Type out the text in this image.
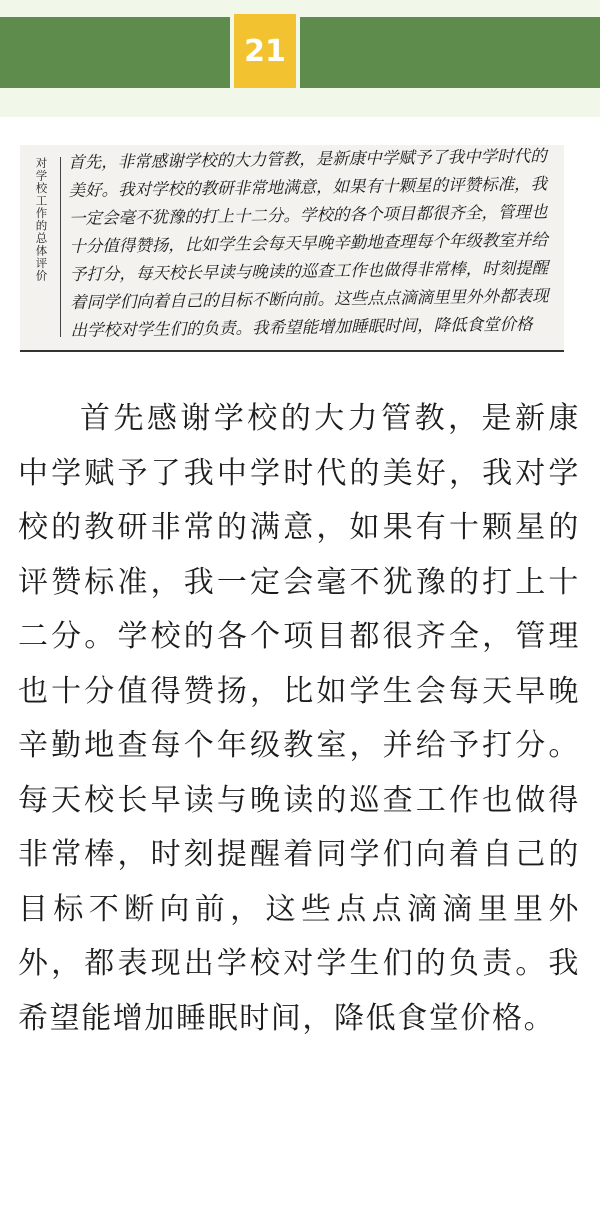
21
对学校工作的总体评价 首先，非常感谢学校的大力管教，是新康中学赋予了我中学时代的美好。我对学校的教研非常地满意，如果有十颗星的评赞标准，我一定会毫不犹豫的打上十二分。学校的各个项目都很齐全，管理也十分值得赞扬，比如学生会每天早晚辛勤地查理每个年级教室并给予打分，每天校长早读与晚读的巡查工作也做得非常棒，时刻提醒着同学们向着自己的目标不断向前。这些点点滴滴里里外外都表现出学校对学生们的负责。我希望能增加睡眠时间，降低食堂价格

首先感谢学校的大力管教，是新康中学赋予了我中学时代的美好，我对学校的教研非常的满意，如果有十颗星的评赞标准，我一定会毫不犹豫的打上十二分。学校的各个项目都很齐全，管理也十分值得赞扬，比如学生会每天早晚辛勤地查每个年级教室，并给予打分。每天校长早读与晚读的巡查工作也做得非常棒，时刻提醒着同学们向着自己的目标不断向前，这些点点滴滴里里外外，都表现出学校对学生们的负责。我希望能增加睡眠时间，降低食堂价格。
